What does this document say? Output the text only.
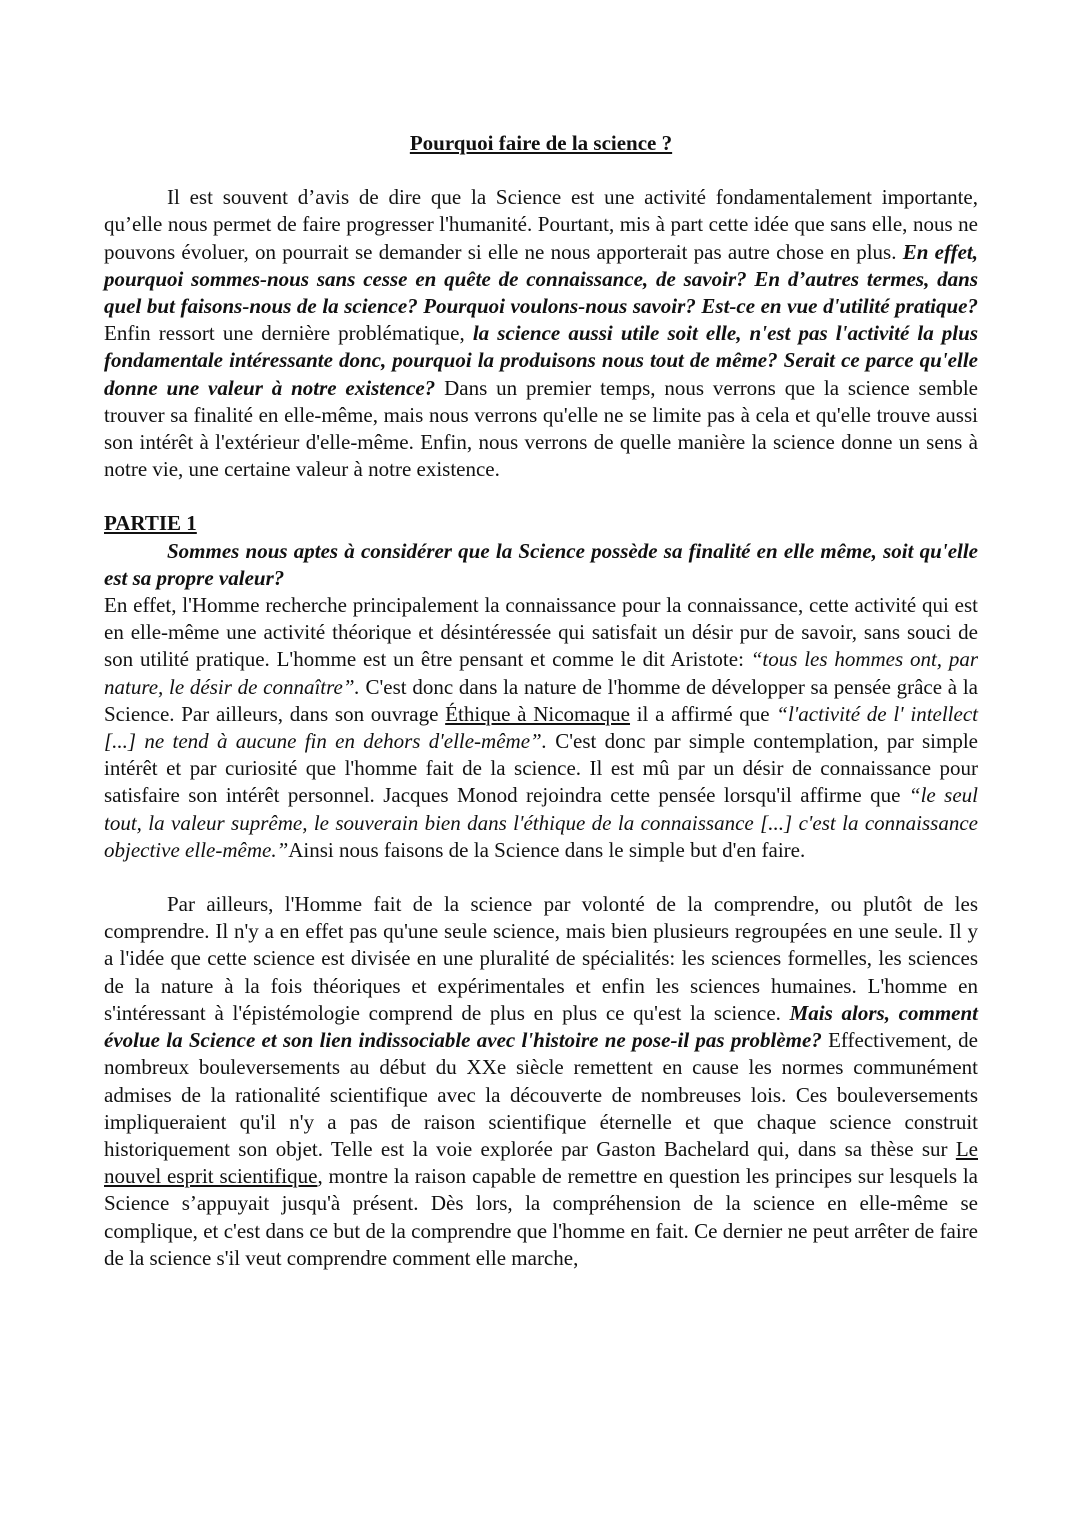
Pourquoi faire de la science ?

Il est souvent d’avis de dire que la Science est une activité fondamentalement importante, qu’elle nous permet de faire progresser l'humanité. Pourtant, mis à part cette idée que sans elle, nous ne pouvons évoluer, on pourrait se demander si elle ne nous apporterait pas autre chose en plus. En effet, pourquoi sommes-nous sans cesse en quête de connaissance, de savoir? En d’autres termes, dans quel but faisons-nous de la science? Pourquoi voulons-nous savoir? Est-ce en vue d'utilité pratique? Enfin ressort une dernière problématique, la science aussi utile soit elle, n'est pas l'activité la plus fondamentale intéressante donc, pourquoi la produisons nous tout de même? Serait ce parce qu'elle donne une valeur à notre existence? Dans un premier temps, nous verrons que la science semble trouver sa finalité en elle-même, mais nous verrons qu'elle ne se limite pas à cela et qu'elle trouve aussi son intérêt à l'extérieur d'elle-même. Enfin, nous verrons de quelle manière la science donne un sens à notre vie, une certaine valeur à notre existence.

PARTIE 1

Sommes nous aptes à considérer que la Science possède sa finalité en elle même, soit qu'elle est sa propre valeur?

En effet, l'Homme recherche principalement la connaissance pour la connaissance, cette activité qui est en elle-même une activité théorique et désintéressée qui satisfait un désir pur de savoir, sans souci de son utilité pratique. L'homme est un être pensant et comme le dit Aristote: “tous les hommes ont, par nature, le désir de connaître”. C'est donc dans la nature de l'homme de développer sa pensée grâce à la Science. Par ailleurs, dans son ouvrage Éthique à Nicomaque il a affirmé que “l'activité de l' intellect [...] ne tend à aucune fin en dehors d'elle-même”. C'est donc par simple contemplation, par simple intérêt et par curiosité que l'homme fait de la science. Il est mû par un désir de connaissance pour satisfaire son intérêt personnel. Jacques Monod rejoindra cette pensée lorsqu'il affirme que “le seul tout, la valeur suprême, le souverain bien dans l'éthique de la connaissance [...] c'est la connaissance objective elle-même.”Ainsi nous faisons de la Science dans le simple but d'en faire.

Par ailleurs, l'Homme fait de la science par volonté de la comprendre, ou plutôt de les comprendre. Il n'y a en effet pas qu'une seule science, mais bien plusieurs regroupées en une seule. Il y a l'idée que cette science est divisée en une pluralité de spécialités: les sciences formelles, les sciences de la nature à la fois théoriques et expérimentales et enfin les sciences humaines. L'homme en s'intéressant à l'épistémologie comprend de plus en plus ce qu'est la science. Mais alors, comment évolue la Science et son lien indissociable avec l'histoire ne pose-il pas problème? Effectivement, de nombreux bouleversements au début du XXe siècle remettent en cause les normes communément admises de la rationalité scientifique avec la découverte de nombreuses lois. Ces bouleversements impliqueraient qu'il n'y a pas de raison scientifique éternelle et que chaque science construit historiquement son objet. Telle est la voie explorée par Gaston Bachelard qui, dans sa thèse sur Le nouvel esprit scientifique, montre la raison capable de remettre en question les principes sur lesquels la Science s’appuyait jusqu'à présent. Dès lors, la compréhension de la science en elle-même se complique, et c'est dans ce but de la comprendre que l'homme en fait. Ce dernier ne peut arrêter de faire de la science s'il veut comprendre comment elle marche,
